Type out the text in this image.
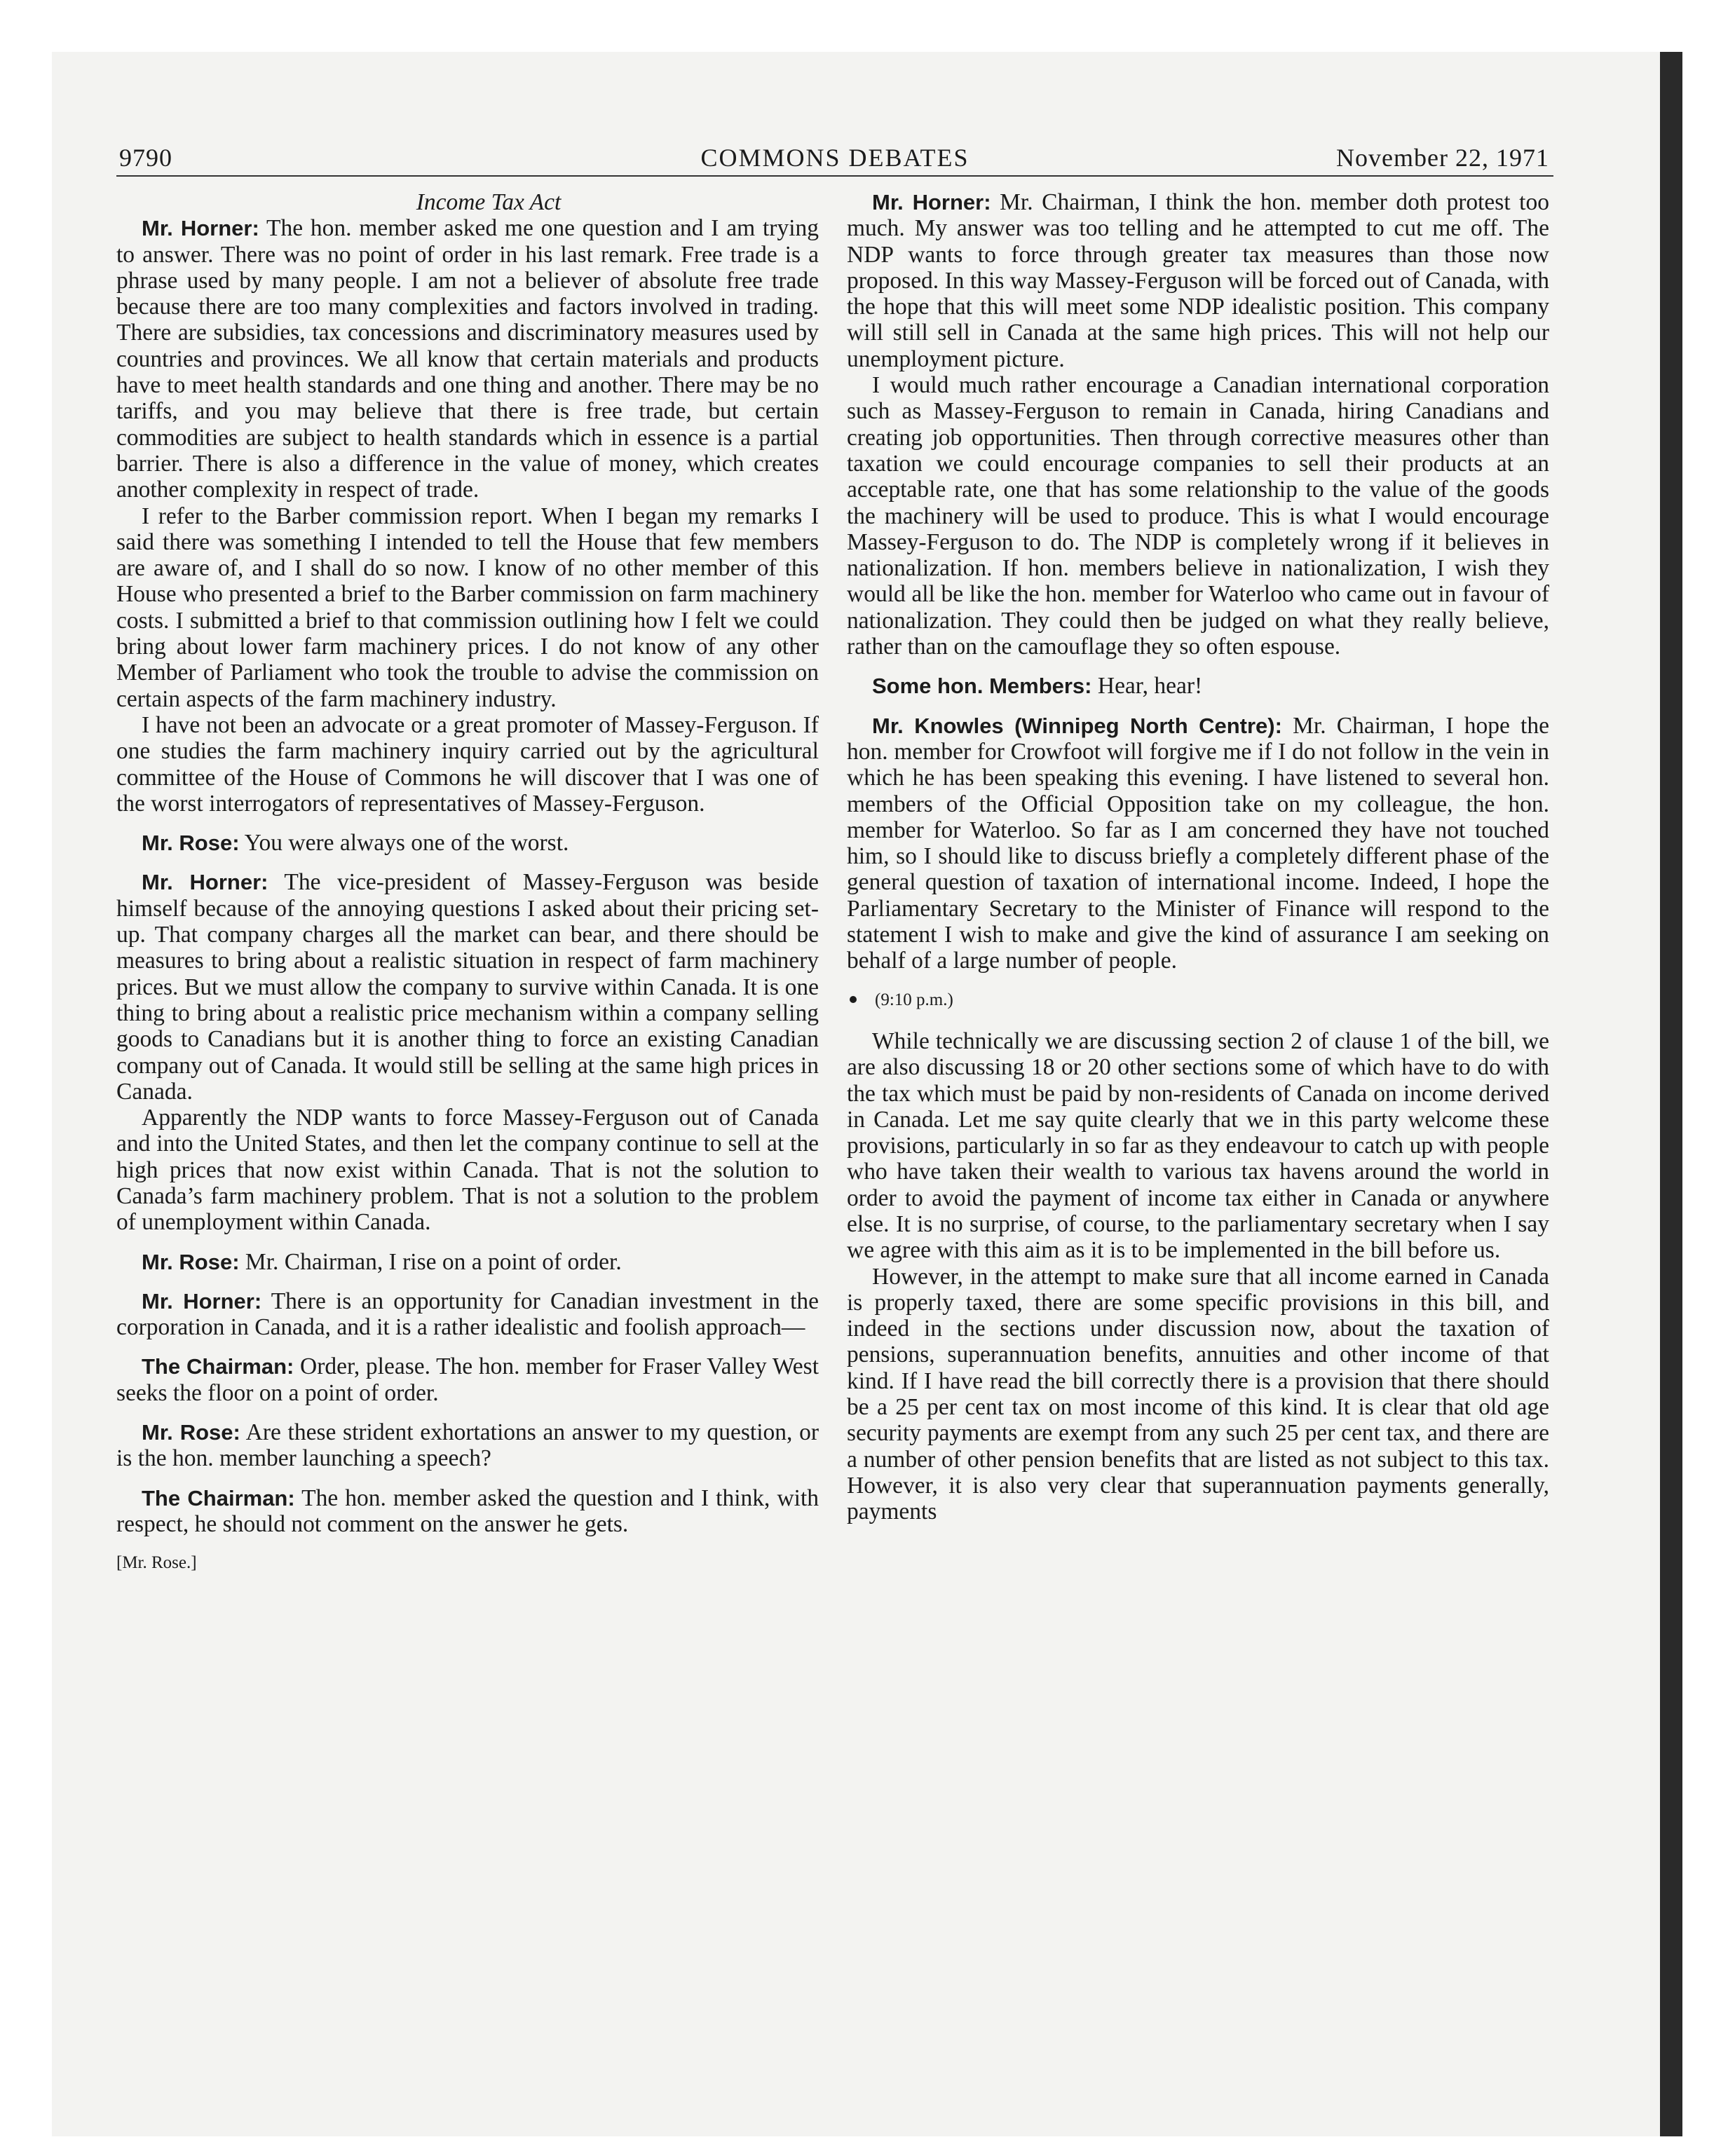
COMMONS DEBATES
9790	November 22, 1971

Income Tax Act

Mr. Horner: The hon. member asked me one question and I am trying to answer. There was no point of order in his last remark. Free trade is a phrase used by many people. I am not a believer of absolute free trade because there are too many complexities and factors involved in trading. There are subsidies, tax concessions and discriminatory measures used by countries and provinces. We all know that certain materials and products have to meet health standards and one thing and another. There may be no tariffs, and you may believe that there is free trade, but certain commodities are subject to health standards which in essence is a partial barrier. There is also a difference in the value of money, which creates another complexity in respect of trade.

I refer to the Barber commission report. When I began my remarks I said there was something I intended to tell the House that few members are aware of, and I shall do so now. I know of no other member of this House who presented a brief to the Barber commission on farm machinery costs. I submitted a brief to that commission outlining how I felt we could bring about lower farm machinery prices. I do not know of any other Member of Parliament who took the trouble to advise the commission on certain aspects of the farm machinery industry.

I have not been an advocate or a great promoter of Massey-Ferguson. If one studies the farm machinery inquiry carried out by the agricultural committee of the House of Commons he will discover that I was one of the worst interrogators of representatives of Massey-Ferguson.

Mr. Rose: You were always one of the worst.

Mr. Horner: The vice-president of Massey-Ferguson was beside himself because of the annoying questions I asked about their pricing set-up. That company charges all the market can bear, and there should be measures to bring about a realistic situation in respect of farm machinery prices. But we must allow the company to survive within Canada. It is one thing to bring about a realistic price mechanism within a company selling goods to Canadians but it is another thing to force an existing Canadian company out of Canada. It would still be selling at the same high prices in Canada.

Apparently the NDP wants to force Massey-Ferguson out of Canada and into the United States, and then let the company continue to sell at the high prices that now exist within Canada. That is not the solution to Canada’s farm machinery problem. That is not a solution to the problem of unemployment within Canada.

Mr. Rose: Mr. Chairman, I rise on a point of order.

Mr. Horner: There is an opportunity for Canadian investment in the corporation in Canada, and it is a rather idealistic and foolish approach—

The Chairman: Order, please. The hon. member for Fraser Valley West seeks the floor on a point of order.

Mr. Rose: Are these strident exhortations an answer to my question, or is the hon. member launching a speech?

The Chairman: The hon. member asked the question and I think, with respect, he should not comment on the answer he gets.

[Mr. Rose.]

Mr. Horner: Mr. Chairman, I think the hon. member doth protest too much. My answer was too telling and he attempted to cut me off. The NDP wants to force through greater tax measures than those now proposed. In this way Massey-Ferguson will be forced out of Canada, with the hope that this will meet some NDP idealistic position. This company will still sell in Canada at the same high prices. This will not help our unemployment picture.

I would much rather encourage a Canadian international corporation such as Massey-Ferguson to remain in Canada, hiring Canadians and creating job opportunities. Then through corrective measures other than taxation we could encourage companies to sell their products at an acceptable rate, one that has some relationship to the value of the goods the machinery will be used to produce. This is what I would encourage Massey-Ferguson to do. The NDP is completely wrong if it believes in nationalization. If hon. members believe in nationalization, I wish they would all be like the hon. member for Waterloo who came out in favour of nationalization. They could then be judged on what they really believe, rather than on the camouflage they so often espouse.

Some hon. Members: Hear, hear!

Mr. Knowles (Winnipeg North Centre): Mr. Chairman, I hope the hon. member for Crowfoot will forgive me if I do not follow in the vein in which he has been speaking this evening. I have listened to several hon. members of the Official Opposition take on my colleague, the hon. member for Waterloo. So far as I am concerned they have not touched him, so I should like to discuss briefly a completely different phase of the general question of taxation of international income. Indeed, I hope the Parliamentary Secretary to the Minister of Finance will respond to the statement I wish to make and give the kind of assurance I am seeking on behalf of a large number of people.

(9:10 p.m.)

While technically we are discussing section 2 of clause 1 of the bill, we are also discussing 18 or 20 other sections some of which have to do with the tax which must be paid by non-residents of Canada on income derived in Canada. Let me say quite clearly that we in this party welcome these provisions, particularly in so far as they endeavour to catch up with people who have taken their wealth to various tax havens around the world in order to avoid the payment of income tax either in Canada or anywhere else. It is no surprise, of course, to the parliamentary secretary when I say we agree with this aim as it is to be implemented in the bill before us.

However, in the attempt to make sure that all income earned in Canada is properly taxed, there are some specific provisions in this bill, and indeed in the sections under discussion now, about the taxation of pensions, superannuation benefits, annuities and other income of that kind. If I have read the bill correctly there is a provision that there should be a 25 per cent tax on most income of this kind. It is clear that old age security payments are exempt from any such 25 per cent tax, and there are a number of other pension benefits that are listed as not subject to this tax. However, it is also very clear that superannuation payments generally, payments
